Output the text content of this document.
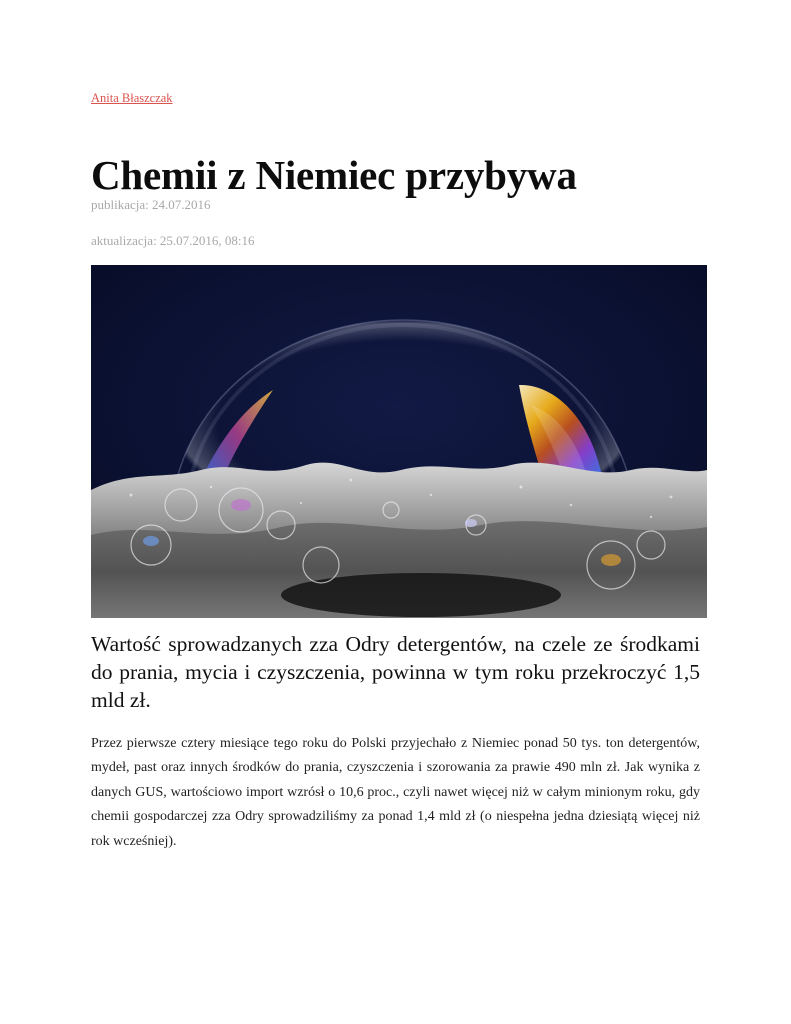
Anita Błaszczak
Chemii z Niemiec przybywa
publikacja: 24.07.2016
aktualizacja: 25.07.2016, 08:16

Wartość sprowadzanych zza Odry detergentów, na czele ze środkami do prania, mycia i czyszczenia, powinna w tym roku przekroczyć 1,5 mld zł.

Przez pierwsze cztery miesiące tego roku do Polski przyjechało z Niemiec ponad 50 tys. ton detergentów, mydeł, past oraz innych środków do prania, czyszczenia i szorowania za prawie 490 mln zł. Jak wynika z danych GUS, wartościowo import wzrósł o 10,6 proc., czyli nawet więcej niż w całym minionym roku, gdy chemii gospodarczej zza Odry sprowadziliśmy za ponad 1,4 mld zł (o niespełna jedna dziesiątą więcej niż rok wcześniej).
